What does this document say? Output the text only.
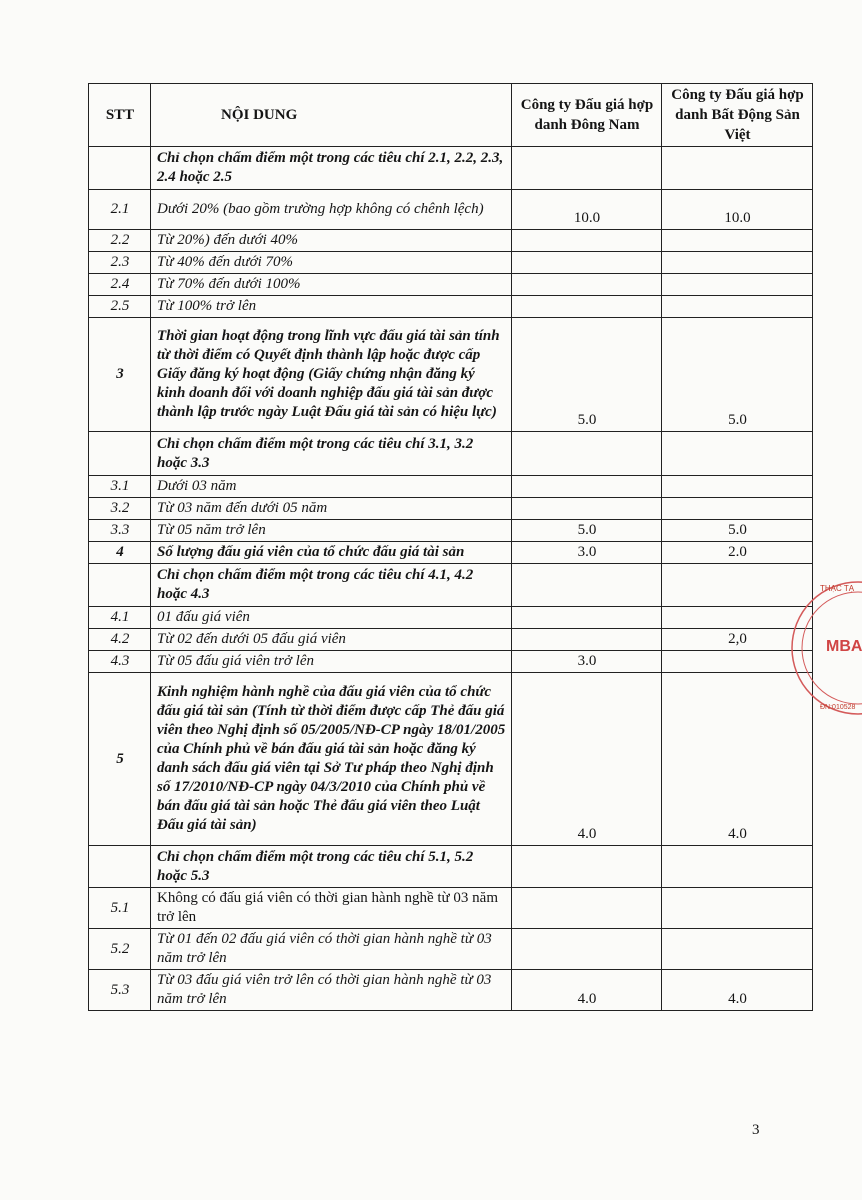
STT	NỘI DUNG	Công ty Đấu giá hợp danh Đông Nam	Công ty Đấu giá hợp danh Bất Động Sản Việt
	Chỉ chọn chấm điểm một trong các tiêu chí 2.1, 2.2, 2.3, 2.4 hoặc 2.5		
2.1	Dưới 20% (bao gồm trường hợp không có chênh lệch)	10.0	10.0
2.2	Từ 20%) đến dưới 40%		
2.3	Từ 40% đến dưới 70%		
2.4	Từ 70% đến dưới 100%		
2.5	Từ 100% trở lên		
3	Thời gian hoạt động trong lĩnh vực đấu giá tài sản tính từ thời điểm có Quyết định thành lập hoặc được cấp Giấy đăng ký hoạt động (Giấy chứng nhận đăng ký kinh doanh đối với doanh nghiệp đấu giá tài sản được thành lập trước ngày Luật Đấu giá tài sản có hiệu lực)	5.0	5.0
	Chỉ chọn chấm điểm một trong các tiêu chí 3.1, 3.2 hoặc 3.3		
3.1	Dưới 03 năm		
3.2	Từ 03 năm đến dưới 05 năm		
3.3	Từ 05 năm trở lên	5.0	5.0
4	Số lượng đấu giá viên của tổ chức đấu giá tài sản	3.0	2.0
	Chỉ chọn chấm điểm một trong các tiêu chí 4.1, 4.2 hoặc 4.3		
4.1	01 đấu giá viên		
4.2	Từ 02 đến dưới 05 đấu giá viên		2,0
4.3	Từ 05 đấu giá viên trở lên	3.0	
5	Kinh nghiệm hành nghề của đấu giá viên của tổ chức đấu giá tài sản (Tính từ thời điểm được cấp Thẻ đấu giá viên theo Nghị định số 05/2005/NĐ-CP ngày 18/01/2005 của Chính phủ về bán đấu giá tài sản hoặc đăng ký danh sách đấu giá viên tại Sở Tư pháp theo Nghị định số 17/2010/NĐ-CP ngày 04/3/2010 của Chính phủ về bán đấu giá tài sản hoặc Thẻ đấu giá viên theo Luật Đấu giá tài sản)	4.0	4.0
	Chỉ chọn chấm điểm một trong các tiêu chí 5.1, 5.2 hoặc 5.3		
5.1	Không có đấu giá viên có thời gian hành nghề từ 03 năm trở lên		
5.2	Từ 01 đến 02 đấu giá viên có thời gian hành nghề từ 03 năm trở lên		
5.3	Từ 03 đấu giá viên trở lên có thời gian hành nghề từ 03 năm trở lên	4.0	4.0
THẠC TẠ
MBA
ĐN:010528
3
